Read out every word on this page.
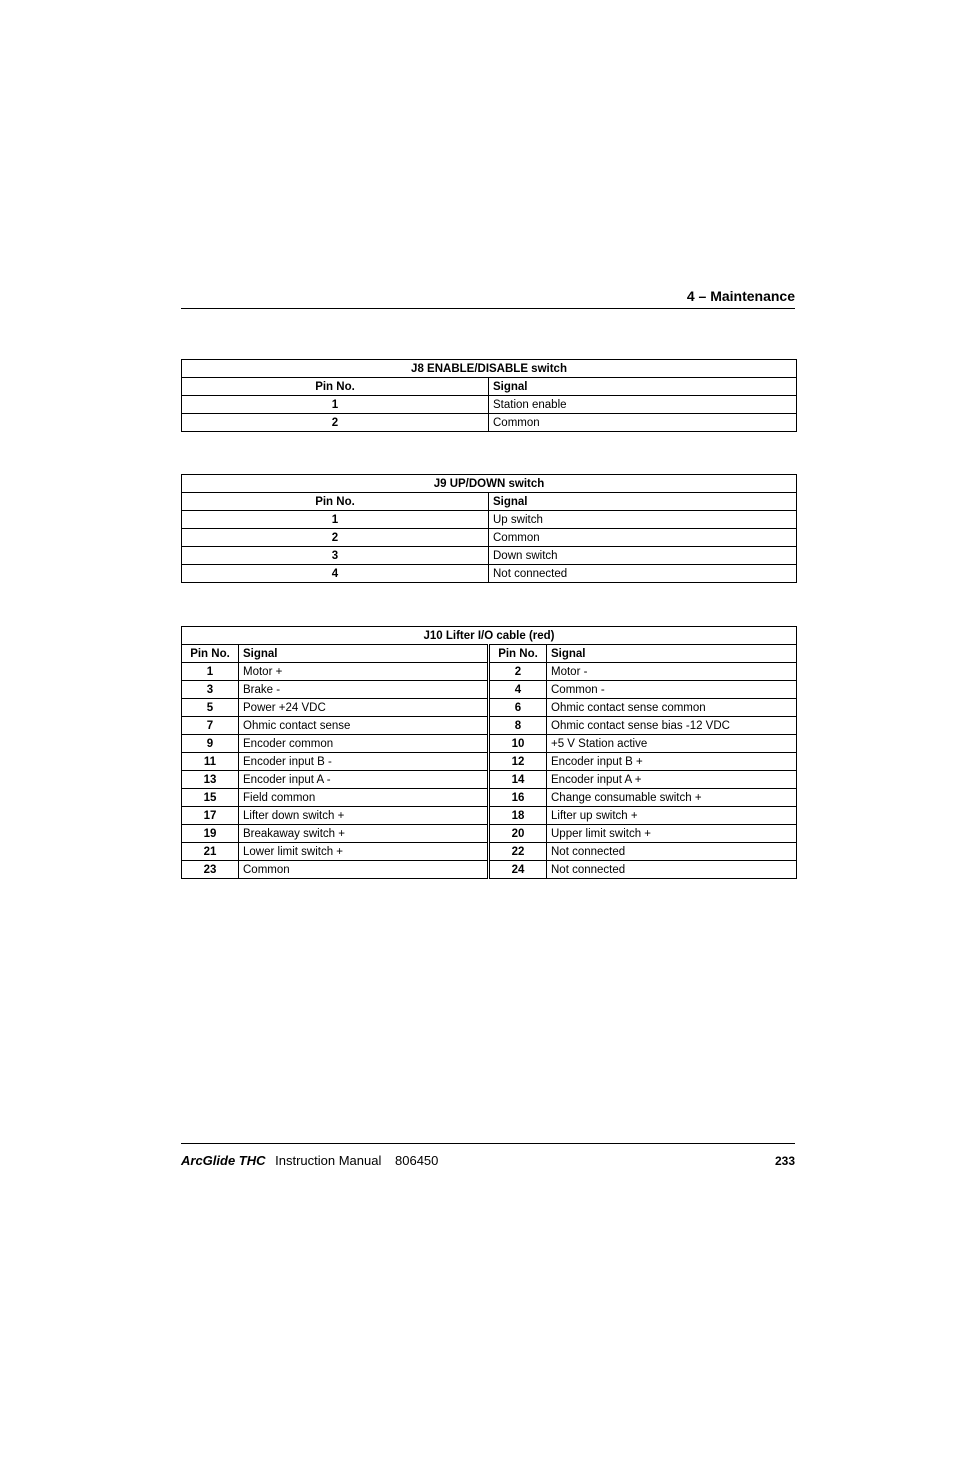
4 – Maintenance
J8 ENABLE/DISABLE switch	
Pin No.	Signal
1	Station enable
2	Common
J9 UP/DOWN switch	
Pin No.	Signal
1	Up switch
2	Common
3	Down switch
4	Not connected
J10 Lifter I/O cable (red)			
Pin No.	Signal	Pin No.	Signal
1	Motor +	2	Motor -
3	Brake -	4	Common -
5	Power +24 VDC	6	Ohmic contact sense common
7	Ohmic contact sense	8	Ohmic contact sense bias -12 VDC
9	Encoder common	10	+5 V Station active
11	Encoder input B -	12	Encoder input B +
13	Encoder input A -	14	Encoder input A +
15	Field common	16	Change consumable switch +
17	Lifter down switch +	18	Lifter up switch +
19	Breakaway switch +	20	Upper limit switch +
21	Lower limit switch +	22	Not connected
23	Common	24	Not connected
ArcGlide THC Instruction Manual 806450	233
